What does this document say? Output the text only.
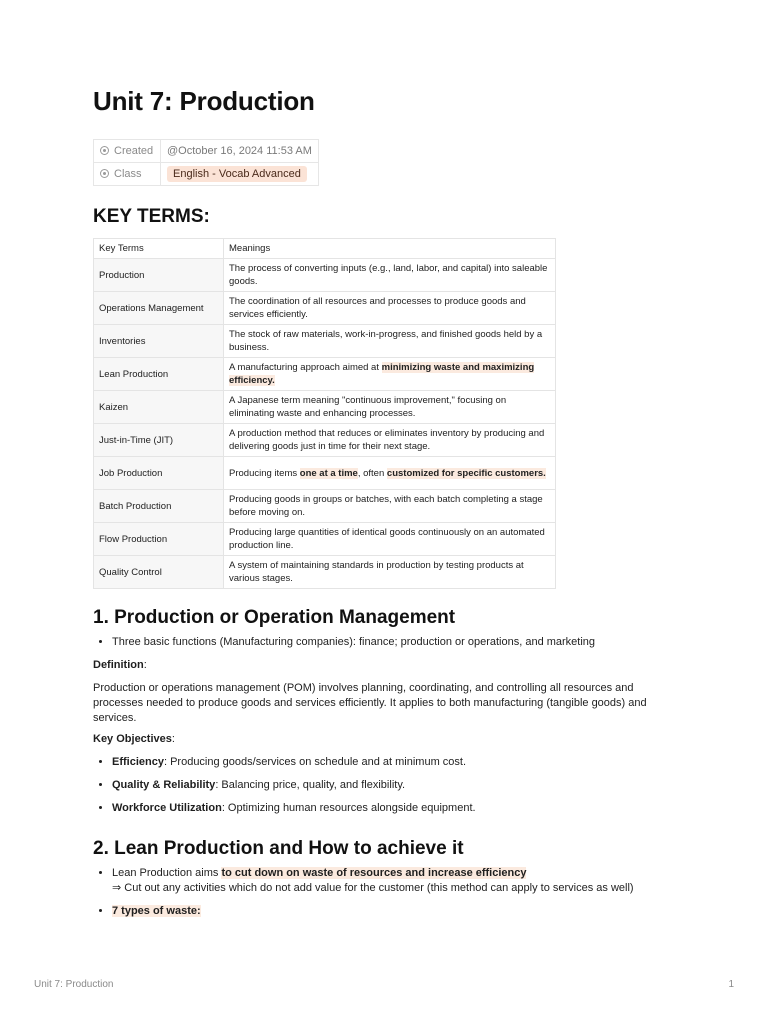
Unit 7: Production
Created	@October 16, 2024 11:53 AM
Class	English - Vocab Advanced
KEY TERMS:
Key Terms	Meanings
Production	The process of converting inputs (e.g., land, labor, and capital) into saleable goods.
Operations Management	The coordination of all resources and processes to produce goods and services efficiently.
Inventories	The stock of raw materials, work-in-progress, and finished goods held by a business.
Lean Production	A manufacturing approach aimed at minimizing waste and maximizing efficiency.
Kaizen	A Japanese term meaning "continuous improvement," focusing on eliminating waste and enhancing processes.
Just-in-Time (JIT)	A production method that reduces or eliminates inventory by producing and delivering goods just in time for their next stage.
Job Production	Producing items one at a time, often customized for specific customers.
Batch Production	Producing goods in groups or batches, with each batch completing a stage before moving on.
Flow Production	Producing large quantities of identical goods continuously on an automated production line.
Quality Control	A system of maintaining standards in production by testing products at various stages.
1. Production or Operation Management
• Three basic functions (Manufacturing companies): finance; production or operations, and marketing

Definition:

Production or operations management (POM) involves planning, coordinating, and controlling all resources and processes needed to produce goods and services efficiently. It applies to both manufacturing (tangible goods) and services.

Key Objectives:

• Efficiency: Producing goods/services on schedule and at minimum cost.
• Quality & Reliability: Balancing price, quality, and flexibility.
• Workforce Utilization: Optimizing human resources alongside equipment.
2. Lean Production and How to achieve it
• Lean Production aims to cut down on waste of resources and increase efficiency
⇒ Cut out any activities which do not add value for the customer (this method can apply to services as well)
• 7 types of waste:
Unit 7: Production	1
